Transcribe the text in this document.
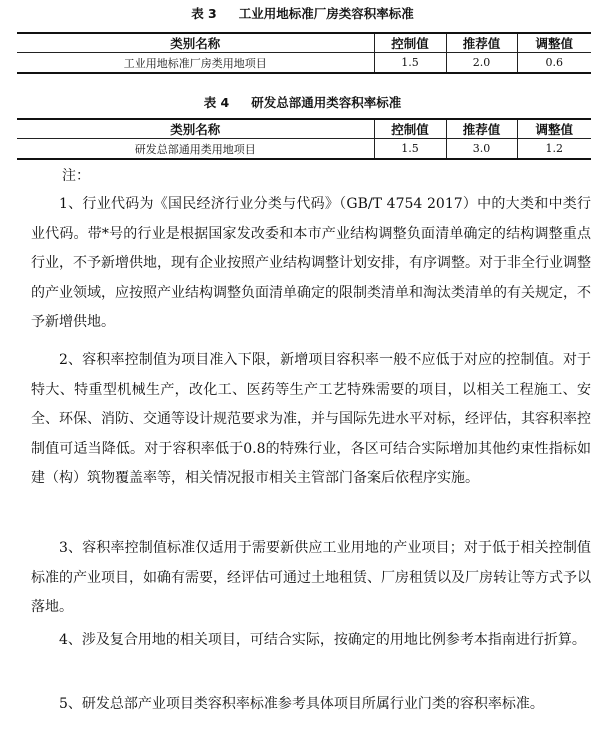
表 3 工业用地标准厂房类容积率标准
类别名称	控制值	推荐值	调整值
工业用地标准厂房类用地项目	1.5	2.0	0.6
表 4 研发总部通用类容积率标准
类别名称	控制值	推荐值	调整值
研发总部通用类用地项目	1.5	3.0	1.2
注：

1、行业代码为《国民经济行业分类与代码》（GB/T 4754 2017）中的大类和中类行业代码。带*号的行业是根据国家发改委和本市产业结构调整负面清单确定的结构调整重点行业，不予新增供地，现有企业按照产业结构调整计划安排，有序调整。对于非全行业调整的产业领域，应按照产业结构调整负面清单确定的限制类清单和淘汰类清单的有关规定，不予新增供地。

2、容积率控制值为项目准入下限，新增项目容积率一般不应低于对应的控制值。对于特大、特重型机械生产，改化工、医药等生产工艺特殊需要的项目，以相关工程施工、安全、环保、消防、交通等设计规范要求为准，并与国际先进水平对标，经评估，其容积率控制值可适当降低。对于容积率低于0.8的特殊行业，各区可结合实际增加其他约束性指标如建（构）筑物覆盖率等，相关情况报市相关主管部门备案后依程序实施。

3、容积率控制值标准仅适用于需要新供应工业用地的产业项目；对于低于相关控制值标准的产业项目，如确有需要，经评估可通过土地租赁、厂房租赁以及厂房转让等方式予以落地。

4、涉及复合用地的相关项目，可结合实际，按确定的用地比例参考本指南进行折算。

5、研发总部产业项目类容积率标准参考具体项目所属行业门类的容积率标准。
